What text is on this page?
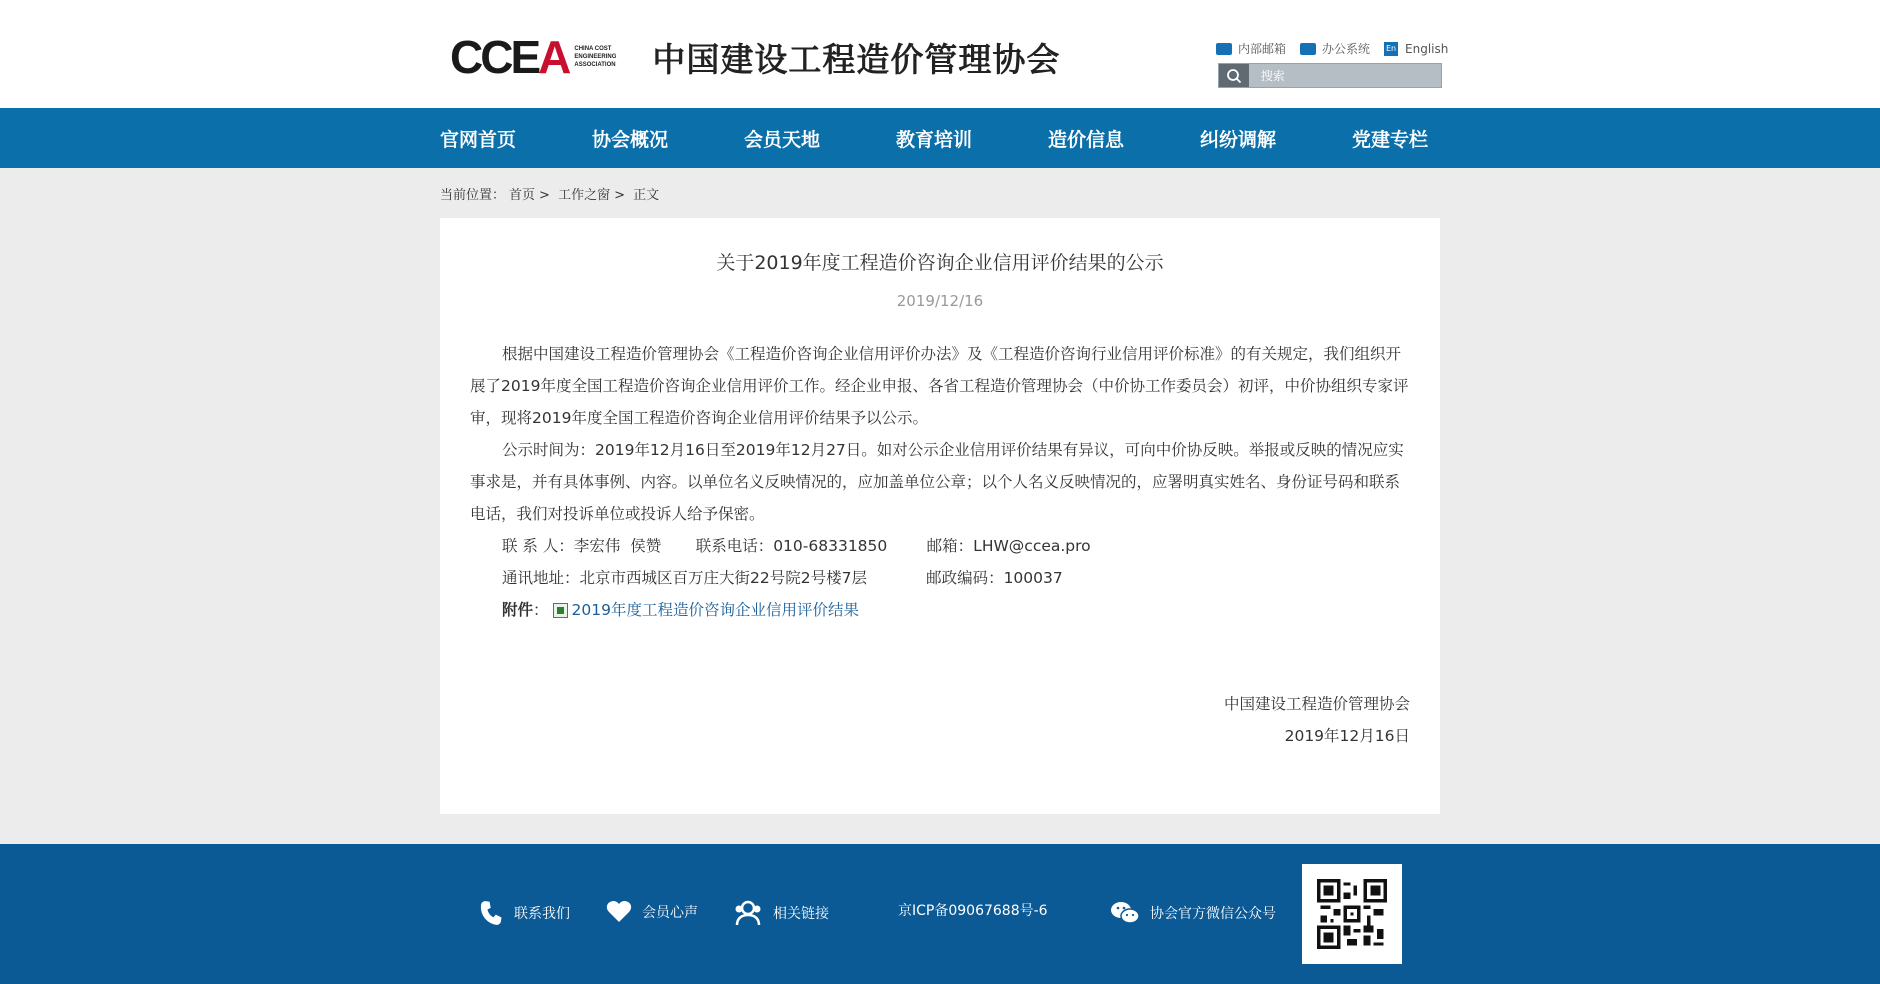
CCEA CHINA COST ENGINEERING ASSOCIATION	中国建设工程造价管理协会	内部邮箱	办公系统 En English
搜索
官网首页	协会概况	会员天地	教育培训	造价信息	纠纷调解	党建专栏
当前位置： 首页 > 工作之窗 > 正文
关于2019年度工程造价咨询企业信用评价结果的公示
2019/12/16

根据中国建设工程造价管理协会《工程造价咨询企业信用评价办法》及《工程造价咨询行业信用评价标准》的有关规定，我们组织开展了2019年度全国工程造价咨询企业信用评价工作。经企业申报、各省工程造价管理协会（中价协工作委员会）初评，中价协组织专家评审，现将2019年度全国工程造价咨询企业信用评价结果予以公示。

公示时间为：2019年12月16日至2019年12月27日。如对公示企业信用评价结果有异议，可向中价协反映。举报或反映的情况应实事求是，并有具体事例、内容。以单位名义反映情况的，应加盖单位公章；以个人名义反映情况的，应署明真实姓名、身份证号码和联系电话，我们对投诉单位或投诉人给予保密。

联 系 人：李宏伟  侯赞       联系电话：010-68331850        邮箱：LHW@ccea.pro
通讯地址：北京市西城区百万庄大街22号院2号楼7层            邮政编码：100037
附件 ： 2019年度工程造价咨询企业信用评价结果
中国建设工程造价管理协会
2019年12月16日
联系我们	会员心声	相关链接	京ICP备09067688号-6	协会官方微信公众号
